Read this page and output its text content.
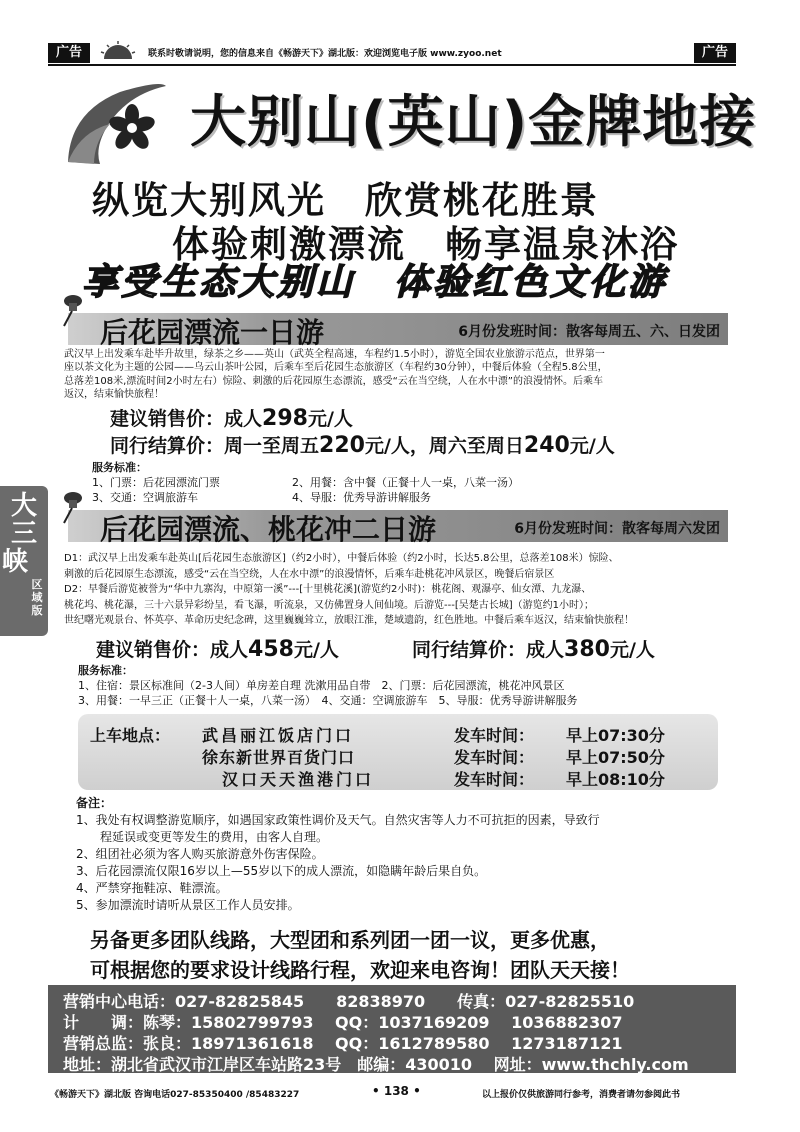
广告	联系时敬请说明，您的信息来自《畅游天下》湖北版：欢迎浏览电子版 www.zyoo.net	广告
大别山(英山)金牌地接
纵览大别风光　欣赏桃花胜景
体验刺激漂流　畅享温泉沐浴
享受生态大别山　体验红色文化游
后花园漂流一日游	6月份发班时间：散客每周五、六、日发团
武汉早上出发乘车赴毕升故里，绿茶之乡——英山（武英全程高速，车程约1.5小时），游览全国农业旅游示范点，世界第一
座以茶文化为主题的公园——乌云山茶叶公园，后乘车至后花园生态旅游区（车程约30分钟），中餐后体验（全程5.8公里，
总落差108米,漂流时间2小时左右）惊险、刺激的后花园原生态漂流，感受“云在当空绕，人在水中漂”的浪漫情怀。后乘车
返汉，结束愉快旅程！
建议销售价：成人298元/人
同行结算价：周一至周五220元/人，周六至周日240元/人
服务标准：
1、门票：后花园漂流门票	2、用餐：含中餐（正餐十人一桌，八菜一汤）
3、交通：空调旅游车	4、导服：优秀导游讲解服务
大
三
峡
区域版
后花园漂流、桃花冲二日游	6月份发班时间：散客每周六发团
D1：武汉早上出发乘车赴英山[后花园生态旅游区]（约2小时），中餐后体验（约2小时，长达5.8公里，总落差108米）惊险、
刺激的后花园原生态漂流，感受“云在当空绕，人在水中漂”的浪漫情怀，后乘车赴桃花冲风景区，晚餐后宿景区
D2：早餐后游览被誉为“华中九寨沟，中原第一溪”---[十里桃花溪](游览约2小时)：桃花阁、观瀑亭、仙女潭、九龙瀑、
桃花坞、桃花瀑，三十六景异彩纷呈，看飞瀑，听流泉，又仿佛置身人间仙境。后游览---[吴楚古长城]（游览约1小时）；
世纪曙光观景台、怀英亭、革命历史纪念碑，这里巍巍耸立，放眼江淮，楚域遗韵，红色胜地。中餐后乘车返汉，结束愉快旅程！
建议销售价：成人458元/人	同行结算价：成人380元/人
服务标准：
1、住宿：景区标准间（2-3人间）单房差自理 洗漱用品自带　2、门票：后花园漂流，桃花冲风景区
3、用餐：一早三正（正餐十人一桌，八菜一汤）　4、交通：空调旅游车　5、导服：优秀导游讲解服务
上车地点： 武昌丽江饭店门口	发车时间： 早上07:30分
徐东新世界百货门口	发车时间： 早上07:50分
汉口天天渔港门口	发车时间： 早上08:10分
备注：
1、我处有权调整游览顺序，如遇国家政策性调价及天气。自然灾害等人力不可抗拒的因素，导致行
　　程延误或变更等发生的费用，由客人自理。
2、组团社必须为客人购买旅游意外伤害保险。
3、后花园漂流仅限16岁以上—55岁以下的成人漂流，如隐瞒年龄后果自负。
4、严禁穿拖鞋凉、鞋漂流。
5、参加漂流时请听从景区工作人员安排。
另备更多团队线路，大型团和系列团一团一议，更多优惠，
可根据您的要求设计线路行程，欢迎来电咨询！团队天天接！
营销中心电话：027-82825845　　82838970　　传真：027-82825510
计　　调：陈琴：15802799793　 QQ：1037169209　 1036882307
营销总监：张良：18971361618　 QQ：1612789580　 1273187121
地址：湖北省武汉市江岸区车站路23号　邮编：430010　 网址：www.thchly.com
《畅游天下》湖北版 咨询电话027-85350400 /85483227	• 138 •	以上报价仅供旅游同行参考，消费者请勿参阅此书
